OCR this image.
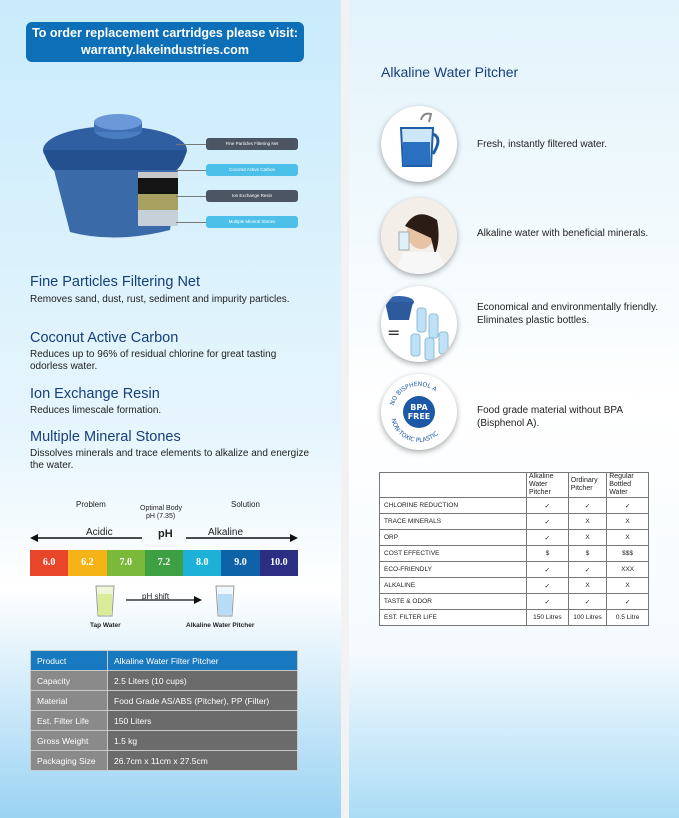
To order replacement cartridges please visit:
warranty.lakeindustries.com
Fine Particles Filtering Net
Coconut Active Carbon
Ion Exchange Resin
Multiple Mineral Stones
Fine Particles Filtering Net
Removes sand, dust, rust, sediment and impurity particles.
Coconut Active Carbon
Reduces up to 96% of residual chlorine for great tasting odorless water.
Ion Exchange Resin
Reduces limescale formation.
Multiple Mineral Stones
Dissolves minerals and trace elements to alkalize and energize the water.
Problem	Solution
Optimal Body
pH (7.35)
Acidic	pH	Alkaline
6.0	6.2	7.0	7.2	8.0	9.0	10.0
pH shift
Tap Water	Alkaline Water Pitcher
Product	Alkaline Water Filter Pitcher
Capacity	2.5 Liters (10 cups)
Material	Food Grade AS/ABS (Pitcher), PP (Filter)
Est. Filter Life	150 Liters
Gross Weight	1.5 kg
Packaging Size	26.7cm x 11cm x 27.5cm
Alkaline Water Pitcher
Fresh, instantly filtered water.
Alkaline water with beneficial minerals.
=
Economical and environmentally friendly. Eliminates plastic bottles.
NO BISPHENOL A
NON-TOXIC PLASTIC
BPA
FREE
Food grade material without BPA (Bisphenol A).
	Alkaline Water Pitcher	Ordinary Pitcher	Regular Bottled Water
CHLORINE REDUCTION	✓	✓	✓
TRACE MINERALS	✓	X	X
ORP	✓	X	X
COST EFFECTIVE	$	$	$$$
ECO-FRIENDLY	✓	✓	XXX
ALKALINE	✓	X	X
TASTE & ODOR	✓	✓	✓
EST. FILTER LIFE	150 Litres	100 Litres	0.5 Litre
